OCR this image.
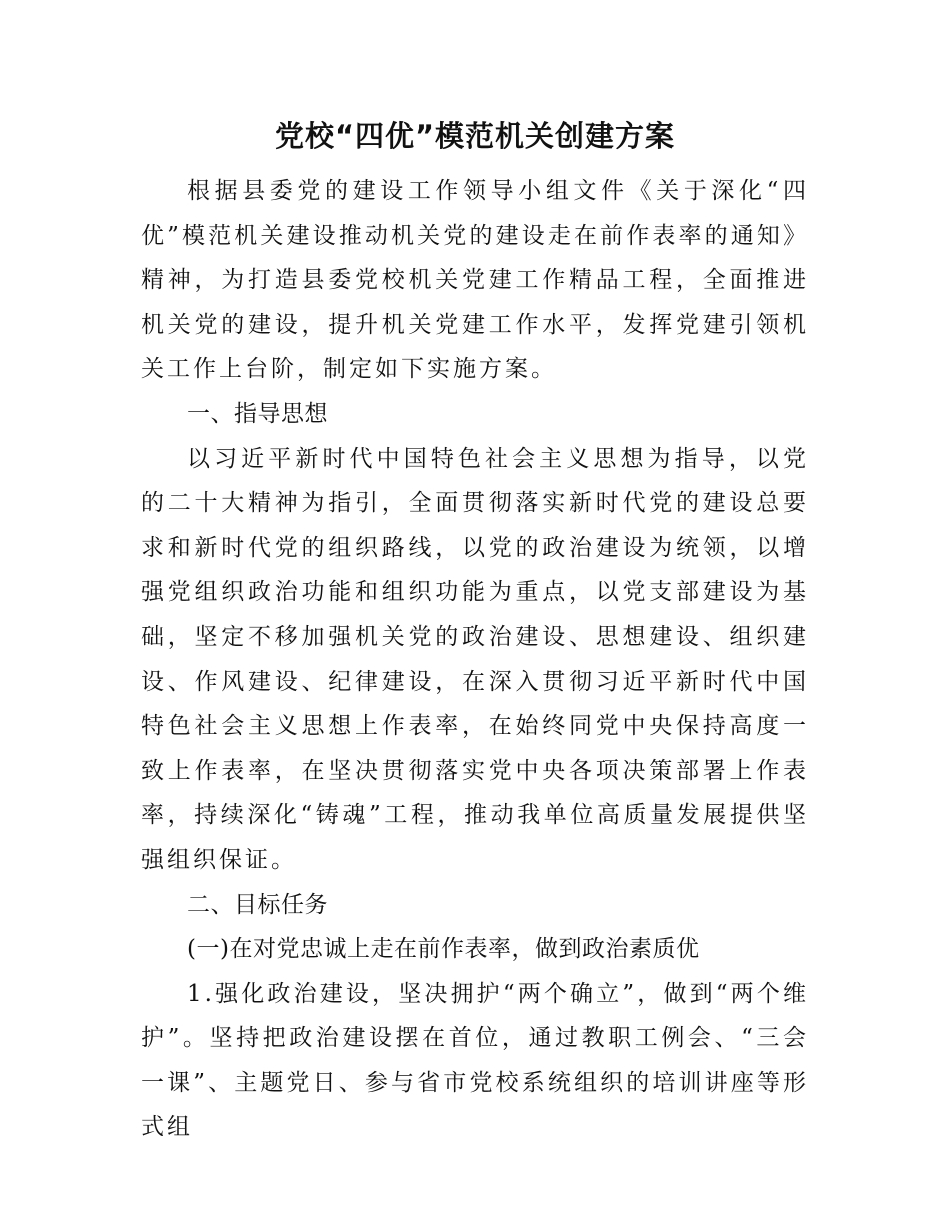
党校“四优”模范机关创建方案

根据县委党的建设工作领导小组文件《关于深化“四优”模范机关建设推动机关党的建设走在前作表率的通知》精神，为打造县委党校机关党建工作精品工程，全面推进机关党的建设，提升机关党建工作水平，发挥党建引领机关工作上台阶，制定如下实施方案。

一、指导思想

以习近平新时代中国特色社会主义思想为指导，以党的二十大精神为指引，全面贯彻落实新时代党的建设总要求和新时代党的组织路线，以党的政治建设为统领，以增强党组织政治功能和组织功能为重点，以党支部建设为基础，坚定不移加强机关党的政治建设、思想建设、组织建设、作风建设、纪律建设，在深入贯彻习近平新时代中国特色社会主义思想上作表率，在始终同党中央保持高度一致上作表率，在坚决贯彻落实党中央各项决策部署上作表率，持续深化“铸魂”工程，推动我单位高质量发展提供坚强组织保证。

二、目标任务

(一)在对党忠诚上走在前作表率，做到政治素质优

1.强化政治建设，坚决拥护“两个确立”，做到“两个维护”。坚持把政治建设摆在首位，通过教职工例会、“三会一课”、主题党日、参与省市党校系统组织的培训讲座等形式组
